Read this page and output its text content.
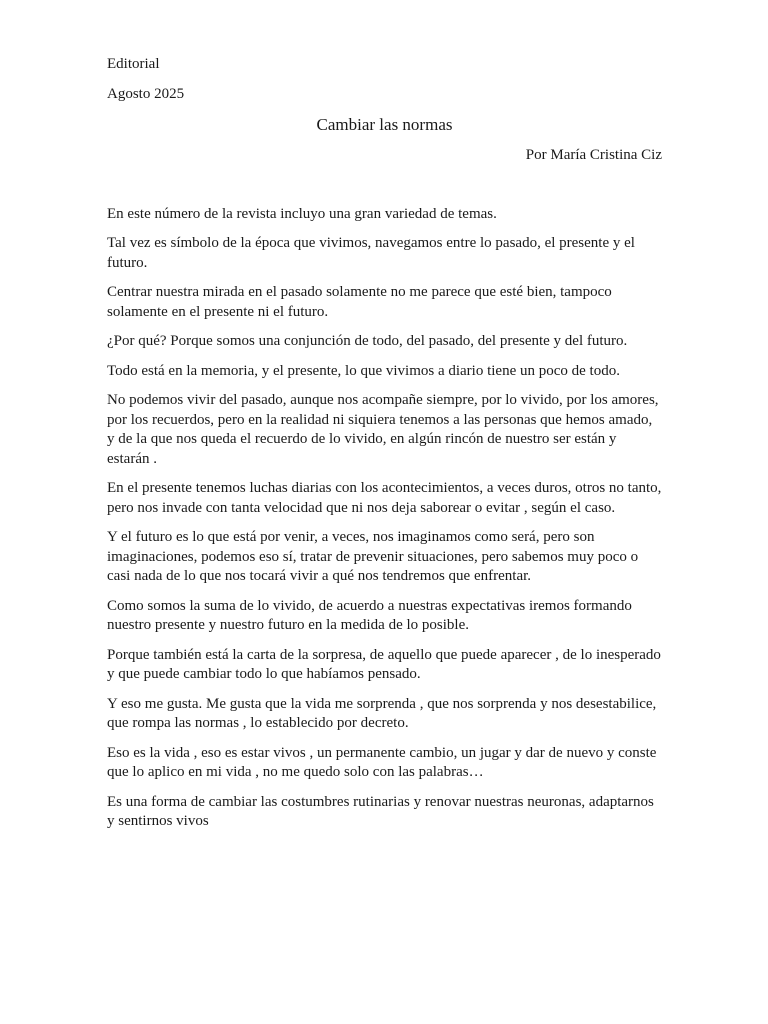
Editorial
Agosto 2025
Cambiar las normas
Por María Cristina Ciz

En este número de la revista incluyo una gran variedad de temas.

Tal vez es símbolo de la época que vivimos, navegamos entre lo pasado, el presente y el futuro.

Centrar nuestra mirada en el pasado solamente no me parece que esté bien, tampoco solamente en el presente ni el futuro.

¿Por qué? Porque somos una conjunción de todo, del pasado, del presente y del futuro.

Todo está en la memoria, y el presente, lo que vivimos a diario tiene un poco de todo.

No podemos vivir del pasado, aunque nos acompañe siempre, por lo vivido, por los amores, por los recuerdos, pero en la realidad ni siquiera tenemos a las personas que hemos amado, y de la que nos queda el recuerdo de lo vivido, en algún rincón de nuestro ser están y estarán .

En el presente tenemos luchas diarias con los acontecimientos, a veces duros, otros no tanto, pero nos invade con tanta velocidad que ni nos deja saborear o evitar , según el caso.

Y el futuro es lo que está por venir, a veces, nos imaginamos como será, pero son imaginaciones, podemos eso sí, tratar de prevenir situaciones, pero sabemos muy poco o casi nada de lo que nos tocará vivir a qué nos tendremos que enfrentar.

Como somos la suma de lo vivido, de acuerdo a nuestras expectativas iremos formando nuestro presente y nuestro futuro en la medida de lo posible.

Porque también está la carta de la sorpresa, de aquello que puede aparecer , de lo inesperado y que puede cambiar todo lo que habíamos pensado.

Y eso me gusta. Me gusta que la vida me sorprenda , que nos sorprenda y nos desestabilice, que rompa las normas , lo establecido por decreto.

Eso es la vida , eso es estar vivos , un permanente cambio, un jugar y dar de nuevo y conste que lo aplico en mi vida , no me quedo solo con las palabras…

Es una forma de cambiar las costumbres rutinarias y renovar nuestras neuronas, adaptarnos y sentirnos vivos
